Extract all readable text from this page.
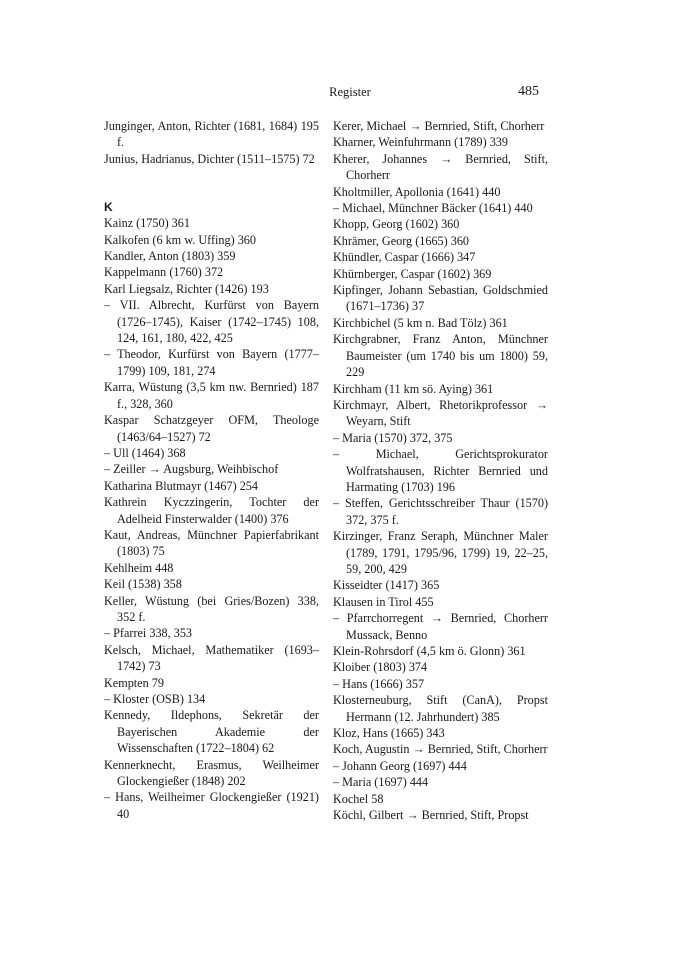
Register	485
Junginger, Anton, Richter (1681, 1684) 195 f.
Junius, Hadrianus, Dichter (1511–1575) 72
K
Kainz (1750) 361
Kalkofen (6 km w. Uffing) 360
Kandler, Anton (1803) 359
Kappelmann (1760) 372
Karl Liegsalz, Richter (1426) 193
– VII. Albrecht, Kurfürst von Bayern (1726–1745), Kaiser (1742–1745) 108, 124, 161, 180, 422, 425
– Theodor, Kurfürst von Bayern (1777–1799) 109, 181, 274
Karra, Wüstung (3,5 km nw. Bernried) 187 f., 328, 360
Kaspar Schatzgeyer OFM, Theologe (1463/64–1527) 72
– Ull (1464) 368
– Zeiller → Augsburg, Weihbischof
Katharina Blutmayr (1467) 254
Kathrein Kyczzingerin, Tochter der Adelheid Finsterwalder (1400) 376
Kaut, Andreas, Münchner Papierfabrikant (1803) 75
Kehlheim 448
Keil (1538) 358
Keller, Wüstung (bei Gries/Bozen) 338, 352 f.
– Pfarrei 338, 353
Kelsch, Michael, Mathematiker (1693–1742) 73
Kempten 79
– Kloster (OSB) 134
Kennedy, Ildephons, Sekretär der Bayerischen Akademie der Wissenschaften (1722–1804) 62
Kennerknecht, Erasmus, Weilheimer Glockengießer (1848) 202
– Hans, Weilheimer Glockengießer (1921) 40
Kerer, Michael → Bernried, Stift, Chorherr
Kharner, Weinfuhrmann (1789) 339
Kherer, Johannes → Bernried, Stift, Chorherr
Kholtmiller, Apollonia (1641) 440
– Michael, Münchner Bäcker (1641) 440
Khopp, Georg (1602) 360
Khrämer, Georg (1665) 360
Khündler, Caspar (1666) 347
Khürnberger, Caspar (1602) 369
Kipfinger, Johann Sebastian, Goldschmied (1671–1736) 37
Kirchbichel (5 km n. Bad Tölz) 361
Kirchgrabner, Franz Anton, Münchner Baumeister (um 1740 bis um 1800) 59, 229
Kirchham (11 km sö. Aying) 361
Kirchmayr, Albert, Rhetorikprofessor → Weyarn, Stift
– Maria (1570) 372, 375
– Michael, Gerichtsprokurator Wolfratshausen, Richter Bernried und Harmating (1703) 196
– Steffen, Gerichtsschreiber Thaur (1570) 372, 375 f.
Kirzinger, Franz Seraph, Münchner Maler (1789, 1791, 1795/96, 1799) 19, 22–25, 59, 200, 429
Kisseidter (1417) 365
Klausen in Tirol 455
– Pfarrchorregent → Bernried, Chorherr Mussack, Benno
Klein-Rohrsdorf (4,5 km ö. Glonn) 361
Kloiber (1803) 374
– Hans (1666) 357
Klosterneuburg, Stift (CanA), Propst Hermann (12. Jahrhundert) 385
Kloz, Hans (1665) 343
Koch, Augustin → Bernried, Stift, Chorherr
– Johann Georg (1697) 444
– Maria (1697) 444
Kochel 58
Köchl, Gilbert → Bernried, Stift, Propst
